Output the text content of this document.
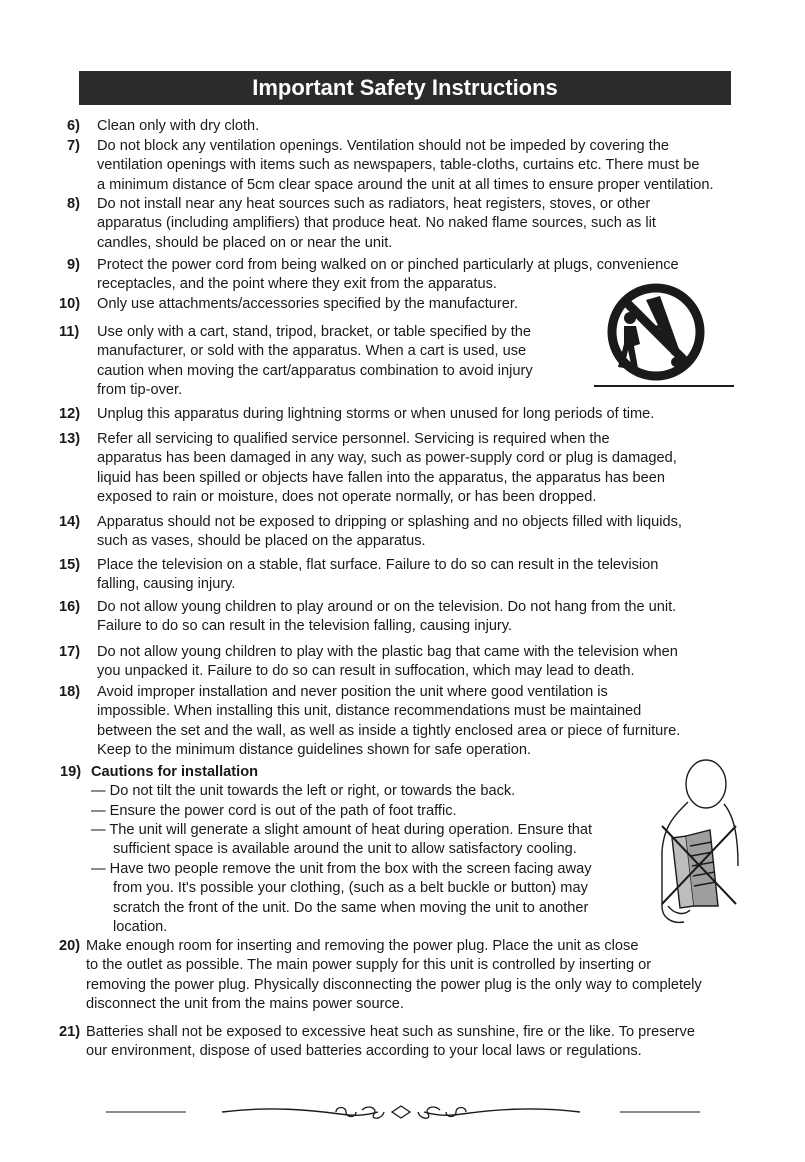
Important Safety Instructions
6) Clean only with dry cloth.
7) Do not block any ventilation openings. Ventilation should not be impeded by covering the
ventilation openings with items such as newspapers, table-cloths, curtains etc. There must be
a minimum distance of 5cm clear space around the unit at all times to ensure proper ventilation.
8) Do not install near any heat sources such as radiators, heat registers, stoves, or other
apparatus (including amplifiers) that produce heat. No naked flame sources, such as lit
candles, should be placed on or near the unit.
9) Protect the power cord from being walked on or pinched particularly at plugs, convenience
receptacles, and the point where they exit from the apparatus.
10) Only use attachments/accessories specified by the manufacturer.
11) Use only with a cart, stand, tripod, bracket, or table specified by the
manufacturer, or sold with the apparatus. When a cart is used, use
caution when moving the cart/apparatus combination to avoid injury
from tip-over.
12) Unplug this apparatus during lightning storms or when unused for long periods of time.
13) Refer all servicing to qualified service personnel. Servicing is required when the
apparatus has been damaged in any way, such as power-supply cord or plug is damaged,
liquid has been spilled or objects have fallen into the apparatus, the apparatus has been
exposed to rain or moisture, does not operate normally, or has been dropped.
14) Apparatus should not be exposed to dripping or splashing and no objects filled with liquids,
such as vases, should be placed on the apparatus.
15) Place the television on a stable, flat surface. Failure to do so can result in the television
falling, causing injury.
16) Do not allow young children to play around or on the television. Do not hang from the unit.
Failure to do so can result in the television falling, causing injury.
17) Do not allow young children to play with the plastic bag that came with the television when
you unpacked it. Failure to do so can result in suffocation, which may lead to death.
18) Avoid improper installation and never position the unit where good ventilation is
impossible. When installing this unit, distance recommendations must be maintained
between the set and the wall, as well as inside a tightly enclosed area or piece of furniture.
Keep to the minimum distance guidelines shown for safe operation.
19) Cautions for installation
— Do not tilt the unit towards the left or right, or towards the back.
— Ensure the power cord is out of the path of foot traffic.
— The unit will generate a slight amount of heat during operation. Ensure that
sufficient space is available around the unit to allow satisfactory cooling.
— Have two people remove the unit from the box with the screen facing away
from you. It's possible your clothing, (such as a belt buckle or button) may
scratch the front of the unit. Do the same when moving the unit to another
location.
20) Make enough room for inserting and removing the power plug. Place the unit as close
to the outlet as possible. The main power supply for this unit is controlled by inserting or
removing the power plug. Physically disconnecting the power plug is the only way to completely
disconnect the unit from the mains power source.
21) Batteries shall not be exposed to excessive heat such as sunshine, fire or the like. To preserve
our environment, dispose of used batteries according to your local laws or regulations.
